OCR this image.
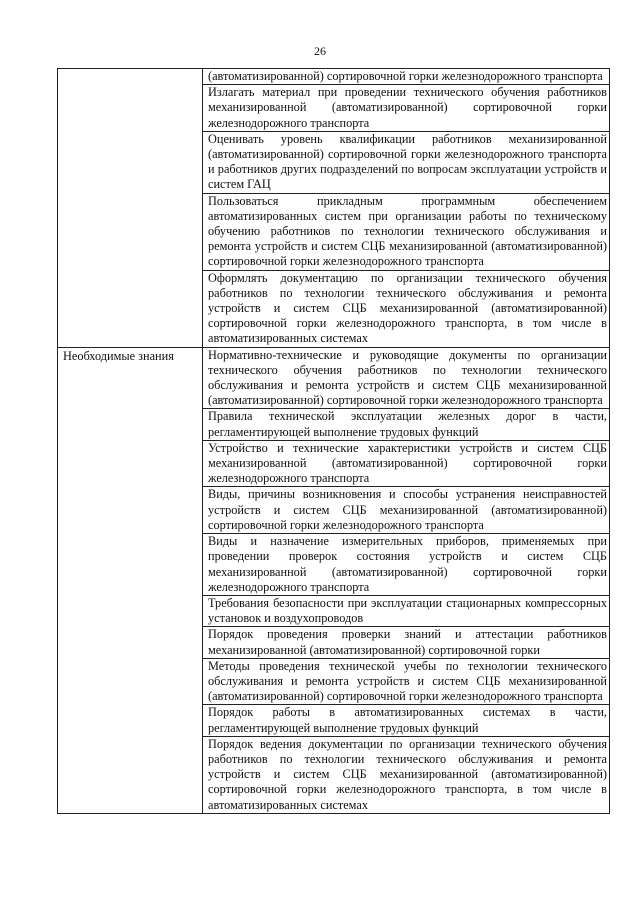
26

	(автоматизированной) сортировочной горки железнодорожного транспорта

	Излагать материал при проведении технического обучения работников механизированной (автоматизированной) сортировочной горки железнодорожного транспорта

	Оценивать уровень квалификации работников механизированной (автоматизированной) сортировочной горки железнодорожного транспорта и работников других подразделений по вопросам эксплуатации устройств и систем ГАЦ

	Пользоваться прикладным программным обеспечением автоматизированных систем при организации работы по техническому обучению работников по технологии технического обслуживания и ремонта устройств и систем СЦБ механизированной (автоматизированной) сортировочной горки железнодорожного транспорта

	Оформлять документацию по организации технического обучения работников по технологии технического обслуживания и ремонта устройств и систем СЦБ механизированной (автоматизированной) сортировочной горки железнодорожного транспорта, в том числе в автоматизированных системах

Необходимые знания	Нормативно-технические и руководящие документы по организации технического обучения работников по технологии технического обслуживания и ремонта устройств и систем СЦБ механизированной (автоматизированной) сортировочной горки железнодорожного транспорта

	Правила технической эксплуатации железных дорог в части, регламентирующей выполнение трудовых функций

	Устройство и технические характеристики устройств и систем СЦБ механизированной (автоматизированной) сортировочной горки железнодорожного транспорта

	Виды, причины возникновения и способы устранения неисправностей устройств и систем СЦБ механизированной (автоматизированной) сортировочной горки железнодорожного транспорта

	Виды и назначение измерительных приборов, применяемых при проведении проверок состояния устройств и систем СЦБ механизированной (автоматизированной) сортировочной горки железнодорожного транспорта

	Требования безопасности при эксплуатации стационарных компрессорных установок и воздухопроводов

	Порядок проведения проверки знаний и аттестации работников механизированной (автоматизированной) сортировочной горки

	Методы проведения технической учебы по технологии технического обслуживания и ремонта устройств и систем СЦБ механизированной (автоматизированной) сортировочной горки железнодорожного транспорта

	Порядок работы в автоматизированных системах в части, регламентирующей выполнение трудовых функций

	Порядок ведения документации по организации технического обучения работников по технологии технического обслуживания и ремонта устройств и систем СЦБ механизированной (автоматизированной) сортировочной горки железнодорожного транспорта, в том числе в автоматизированных системах
